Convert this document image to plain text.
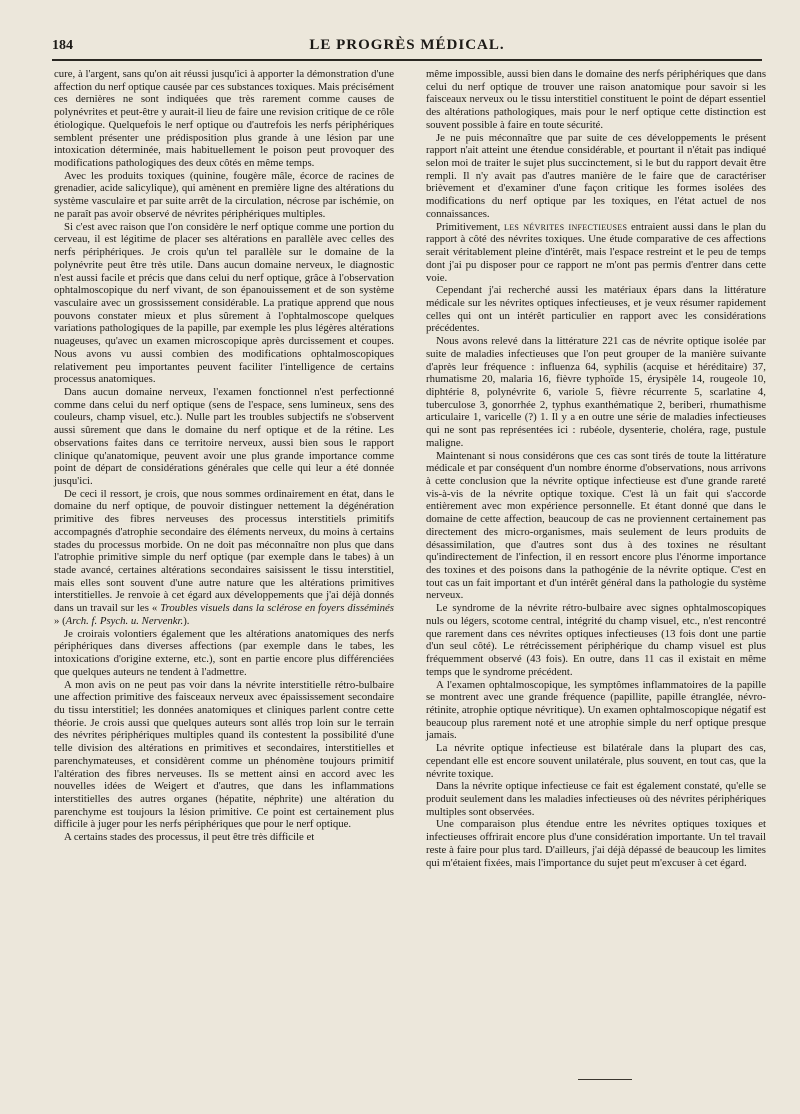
184	LE PROGRÈS MÉDICAL.

cure, à l'argent, sans qu'on ait réussi jusqu'ici à apporter la démonstration d'une affection du nerf optique causée par ces substances toxiques. Mais précisément ces dernières ne sont indiquées que très rarement comme causes de polynévrites et peut-être y aurait-il lieu de faire une revision critique de ce rôle étiologique. Quelquefois le nerf optique ou d'autrefois les nerfs périphériques semblent présenter une prédisposition plus grande à une lésion par une intoxication déterminée, mais habituellement le poison peut provoquer des modifications pathologiques des deux côtés en même temps.

Avec les produits toxiques (quinine, fougère mâle, écorce de racines de grenadier, acide salicylique), qui amènent en première ligne des altérations du système vasculaire et par suite arrêt de la circulation, nécrose par ischémie, on ne paraît pas avoir observé de névrites périphériques multiples.

Si c'est avec raison que l'on considère le nerf optique comme une portion du cerveau, il est légitime de placer ses altérations en parallèle avec celles des nerfs périphériques. Je crois qu'un tel parallèle sur le domaine de la polynévrite peut être très utile. Dans aucun domaine nerveux, le diagnostic n'est aussi facile et précis que dans celui du nerf optique, grâce à l'observation ophtalmoscopique du nerf vivant, de son épanouissement et de son système vasculaire avec un grossissement considérable. La pratique apprend que nous pouvons constater mieux et plus sûrement à l'ophtalmoscope quelques variations pathologiques de la papille, par exemple les plus légères altérations nuageuses, qu'avec un examen microscopique après durcissement et coupes. Nous avons vu aussi combien des modifications ophtalmoscopiques relativement peu importantes peuvent faciliter l'intelligence de certains processus anatomiques.

Dans aucun domaine nerveux, l'examen fonctionnel n'est perfectionné comme dans celui du nerf optique (sens de l'espace, sens lumineux, sens des couleurs, champ visuel, etc.). Nulle part les troubles subjectifs ne s'observent aussi sûrement que dans le domaine du nerf optique et de la rétine. Les observations faites dans ce territoire nerveux, aussi bien sous le rapport clinique qu'anatomique, peuvent avoir une plus grande importance comme point de départ de considérations générales que celle qui leur a été donnée jusqu'ici.

De ceci il ressort, je crois, que nous sommes ordinairement en état, dans le domaine du nerf optique, de pouvoir distinguer nettement la dégénération primitive des fibres nerveuses des processus interstitiels primitifs accompagnés d'atrophie secondaire des éléments nerveux, du moins à certains stades du processus morbide. On ne doit pas méconnaître non plus que dans l'atrophie primitive simple du nerf optique (par exemple dans le tabes) à un stade avancé, certaines altérations secondaires saisissent le tissu interstitiel, mais elles sont souvent d'une autre nature que les altérations primitives interstitielles. Je renvoie à cet égard aux développements que j'ai déjà donnés dans un travail sur les « Troubles visuels dans la sclérose en foyers disséminés » (Arch. f. Psych. u. Nervenkr.).

Je croirais volontiers également que les altérations anatomiques des nerfs périphériques dans diverses affections (par exemple dans le tabes, les intoxications d'origine externe, etc.), sont en partie encore plus différenciées que quelques auteurs ne tendent à l'admettre.

A mon avis on ne peut pas voir dans la névrite interstitielle rétro-bulbaire une affection primitive des faisceaux nerveux avec épaississement secondaire du tissu interstitiel; les données anatomiques et cliniques parlent contre cette théorie. Je crois aussi que quelques auteurs sont allés trop loin sur le terrain des névrites périphériques multiples quand ils contestent la possibilité d'une telle division des altérations en primitives et secondaires, interstitielles et parenchymateuses, et considèrent comme un phénomène toujours primitif l'altération des fibres nerveuses. Ils se mettent ainsi en accord avec les nouvelles idées de Weigert et d'autres, que dans les inflammations interstitielles des autres organes (hépatite, néphrite) une altération du parenchyme est toujours la lésion primitive. Ce point est certainement plus difficile à juger pour les nerfs périphériques que pour le nerf optique.

A certains stades des processus, il peut être très difficile et

même impossible, aussi bien dans le domaine des nerfs périphériques que dans celui du nerf optique de trouver une raison anatomique pour savoir si les faisceaux nerveux ou le tissu interstitiel constituent le point de départ essentiel des altérations pathologiques, mais pour le nerf optique cette distinction est souvent possible à faire en toute sécurité.

Je ne puis méconnaître que par suite de ces développements le présent rapport n'ait atteint une étendue considérable, et pourtant il n'était pas indiqué selon moi de traiter le sujet plus succinctement, si le but du rapport devait être rempli. Il n'y avait pas d'autres manière de le faire que de caractériser brièvement et d'examiner d'une façon critique les formes isolées des modifications du nerf optique par les toxiques, en l'état actuel de nos connaissances.

Primitivement, les névrites infectieuses entraient aussi dans le plan du rapport à côté des névrites toxiques. Une étude comparative de ces affections serait véritablement pleine d'intérêt, mais l'espace restreint et le peu de temps dont j'ai pu disposer pour ce rapport ne m'ont pas permis d'entrer dans cette voie.

Cependant j'ai recherché aussi les matériaux épars dans la littérature médicale sur les névrites optiques infectieuses, et je veux résumer rapidement celles qui ont un intérêt particulier en rapport avec les considérations précédentes.

Nous avons relevé dans la littérature 221 cas de névrite optique isolée par suite de maladies infectieuses que l'on peut grouper de la manière suivante d'après leur fréquence : influenza 64, syphilis (acquise et héréditaire) 37, rhumatisme 20, malaria 16, fièvre typhoïde 15, érysipèle 14, rougeole 10, diphtérie 8, polynévrite 6, variole 5, fièvre récurrente 5, scarlatine 4, tuberculose 3, gonorrhée 2, typhus exanthématique 2, beriberi, rhumathisme articulaire 1, varicelle (?) 1. Il y a en outre une série de maladies infectieuses qui ne sont pas représentées ici : rubéole, dysenterie, choléra, rage, pustule maligne.

Maintenant si nous considérons que ces cas sont tirés de toute la littérature médicale et par conséquent d'un nombre énorme d'observations, nous arrivons à cette conclusion que la névrite optique infectieuse est d'une grande rareté vis-à-vis de la névrite optique toxique. C'est là un fait qui s'accorde entièrement avec mon expérience personnelle. Et étant donné que dans le domaine de cette affection, beaucoup de cas ne proviennent certainement pas directement des micro-organismes, mais seulement de leurs produits de désassimilation, que d'autres sont dus à des toxines ne résultant qu'indirectement de l'infection, il en ressort encore plus l'énorme importance des toxines et des poisons dans la pathogénie de la névrite optique. C'est en tout cas un fait important et d'un intérêt général dans la pathologie du système nerveux.

Le syndrome de la névrite rétro-bulbaire avec signes ophtalmoscopiques nuls ou légers, scotome central, intégrité du champ visuel, etc., n'est rencontré que rarement dans ces névrites optiques infectieuses (13 fois dont une partie d'un seul côté). Le rétrécissement périphérique du champ visuel est plus fréquemment observé (43 fois). En outre, dans 11 cas il existait en même temps que le syndrome précédent.

A l'examen ophtalmoscopique, les symptômes inflammatoires de la papille se montrent avec une grande fréquence (papillite, papille étranglée, névro-rétinite, atrophie optique névritique). Un examen ophtalmoscopique négatif est beaucoup plus rarement noté et une atrophie simple du nerf optique presque jamais.

La névrite optique infectieuse est bilatérale dans la plupart des cas, cependant elle est encore souvent unilatérale, plus souvent, en tout cas, que la névrite toxique.

Dans la névrite optique infectieuse ce fait est également constaté, qu'elle se produit seulement dans les maladies infectieuses où des névrites périphériques multiples sont observées.

Une comparaison plus étendue entre les névrites optiques toxiques et infectieuses offrirait encore plus d'une considération importante. Un tel travail reste à faire pour plus tard. D'ailleurs, j'ai déjà dépassé de beaucoup les limites qui m'étaient fixées, mais l'importance du sujet peut m'excuser à cet égard.
